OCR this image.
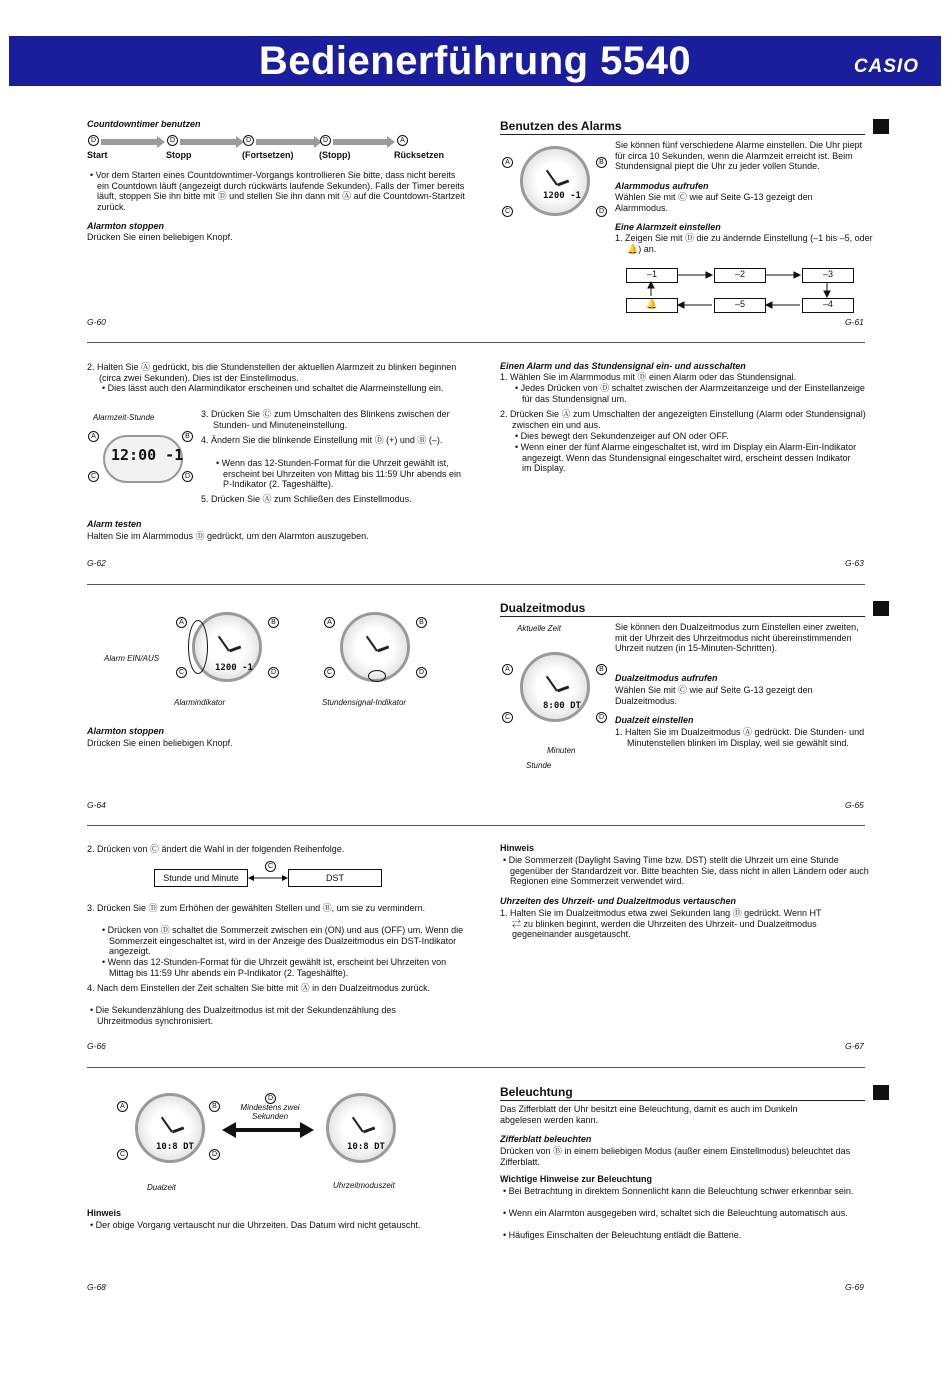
Bedienerführung 5540	CASIO
Countdowntimer benutzen
D	D	D	D	A
Start	Stopp	(Fortsetzen)	(Stopp)	Rücksetzen
• Vor dem Starten eines Countdowntimer-Vorgangs kontrollieren Sie bitte, dass nicht bereits ein Countdown läuft (angezeigt durch rückwärts laufende Sekunden). Falls der Timer bereits läuft, stoppen Sie ihn bitte mit Ⓓ und stellen Sie ihn dann mit Ⓐ auf die Countdown-Startzeit zurück.
Alarmton stoppen
Drücken Sie einen beliebigen Knopf.
G-60
Benutzen des Alarms
A	B
C	D
1200 -1
Sie können fünf verschiedene Alarme einstellen. Die Uhr piept für circa 10 Sekunden, wenn die Alarmzeit erreicht ist. Beim Stundensignal piept die Uhr zu jeder vollen Stunde.
Alarmmodus aufrufen
Wählen Sie mit Ⓒ wie auf Seite G-13 gezeigt den Alarmmodus.
Eine Alarmzeit einstellen
1. Zeigen Sie mit Ⓓ die zu ändernde Einstellung (–1 bis –5, oder 🔔) an.
–1	–2	–3
🔔	–5	–4
G-61
2. Halten Sie Ⓐ gedrückt, bis die Stundenstellen der aktuellen Alarmzeit zu blinken beginnen (circa zwei Sekunden). Dies ist der Einstellmodus.
• Dies lässt auch den Alarmindikator erscheinen und schaltet die Alarmeinstellung ein.
Alarmzeit-Stunde
A	B
C	D
12:00 -1
3. Drücken Sie Ⓒ zum Umschalten des Blinkens zwischen der Stunden- und Minuteneinstellung.
4. Ändern Sie die blinkende Einstellung mit Ⓓ (+) und Ⓑ (–).
• Wenn das 12-Stunden-Format für die Uhrzeit gewählt ist, erscheint bei Uhrzeiten von Mittag bis 11:59 Uhr abends ein P-Indikator (2. Tageshälfte).
5. Drücken Sie Ⓐ zum Schließen des Einstellmodus.
Alarm testen
Halten Sie im Alarmmodus Ⓓ gedrückt, um den Alarmton auszugeben.
G-62
Einen Alarm und das Stundensignal ein- und ausschalten
1. Wählen Sie im Alarmmodus mit Ⓓ einen Alarm oder das Stundensignal.
• Jedes Drücken von Ⓓ schaltet zwischen der Alarmzeitanzeige und der Einstellanzeige für das Stundensignal um.
2. Drücken Sie Ⓐ zum Umschalten der angezeigten Einstellung (Alarm oder Stundensignal) zwischen ein und aus.
• Dies bewegt den Sekundenzeiger auf ON oder OFF.
• Wenn einer der fünf Alarme eingeschaltet ist, wird im Display ein Alarm-Ein-Indikator angezeigt. Wenn das Stundensignal eingeschaltet wird, erscheint dessen Indikator im Display.
G-63
A	B
C	D
1200 -1
Alarm EIN/AUS
Alarmindikator
A	B
C	D
Stundensignal-Indikator
Alarmton stoppen
Drücken Sie einen beliebigen Knopf.
G-64
Dualzeitmodus
Aktuelle Zeit
A	B
C	D
8:00 DT
Minuten
Stunde
Sie können den Dualzeitmodus zum Einstellen einer zweiten, mit der Uhrzeit des Uhrzeitmodus nicht übereinstimmenden Uhrzeit nutzen (in 15-Minuten-Schritten).
Dualzeitmodus aufrufen
Wählen Sie mit Ⓒ wie auf Seite G-13 gezeigt den Dualzeitmodus.
Dualzeit einstellen
1. Halten Sie im Dualzeitmodus Ⓐ gedrückt. Die Stunden- und Minutenstellen blinken im Display, weil sie gewählt sind.
G-65
2. Drücken von Ⓒ ändert die Wahl in der folgenden Reihenfolge.
C
Stunde und Minute	DST
3. Drücken Sie Ⓓ zum Erhöhen der gewählten Stellen und Ⓑ, um sie zu vermindern.
• Drücken von Ⓓ schaltet die Sommerzeit zwischen ein (ON) und aus (OFF) um. Wenn die Sommerzeit eingeschaltet ist, wird in der Anzeige des Dualzeitmodus ein DST-Indikator angezeigt.
• Wenn das 12-Stunden-Format für die Uhrzeit gewählt ist, erscheint bei Uhrzeiten von Mittag bis 11:59 Uhr abends ein P-Indikator (2. Tageshälfte).
4. Nach dem Einstellen der Zeit schalten Sie bitte mit Ⓐ in den Dualzeitmodus zurück.
• Die Sekundenzählung des Dualzeitmodus ist mit der Sekundenzählung des Uhrzeitmodus synchronisiert.
G-66
Hinweis
• Die Sommerzeit (Daylight Saving Time bzw. DST) stellt die Uhrzeit um eine Stunde gegenüber der Standardzeit vor. Bitte beachten Sie, dass nicht in allen Ländern oder auch Regionen eine Sommerzeit verwendet wird.
Uhrzeiten des Uhrzeit- und Dualzeitmodus vertauschen
1. Halten Sie im Dualzeitmodus etwa zwei Sekunden lang Ⓓ gedrückt. Wenn HT ⇄ zu blinken beginnt, werden die Uhrzeiten des Uhrzeit- und Dualzeitmodus gegeneinander ausgetauscht.
G-67
A	B
C	D
10:8 DT
Dualzeit
D
Mindestens zwei Sekunden
10:8 DT
Uhrzeitmoduszeit
Hinweis
• Der obige Vorgang vertauscht nur die Uhrzeiten. Das Datum wird nicht getauscht.
G-68
Beleuchtung
Das Zifferblatt der Uhr besitzt eine Beleuchtung, damit es auch im Dunkeln abgelesen werden kann.
Zifferblatt beleuchten
Drücken von Ⓑ in einem beliebigen Modus (außer einem Einstellmodus) beleuchtet das Zifferblatt.
Wichtige Hinweise zur Beleuchtung
• Bei Betrachtung in direktem Sonnenlicht kann die Beleuchtung schwer erkennbar sein.
• Wenn ein Alarmton ausgegeben wird, schaltet sich die Beleuchtung automatisch aus.
• Häufiges Einschalten der Beleuchtung entlädt die Batterie.
G-69
